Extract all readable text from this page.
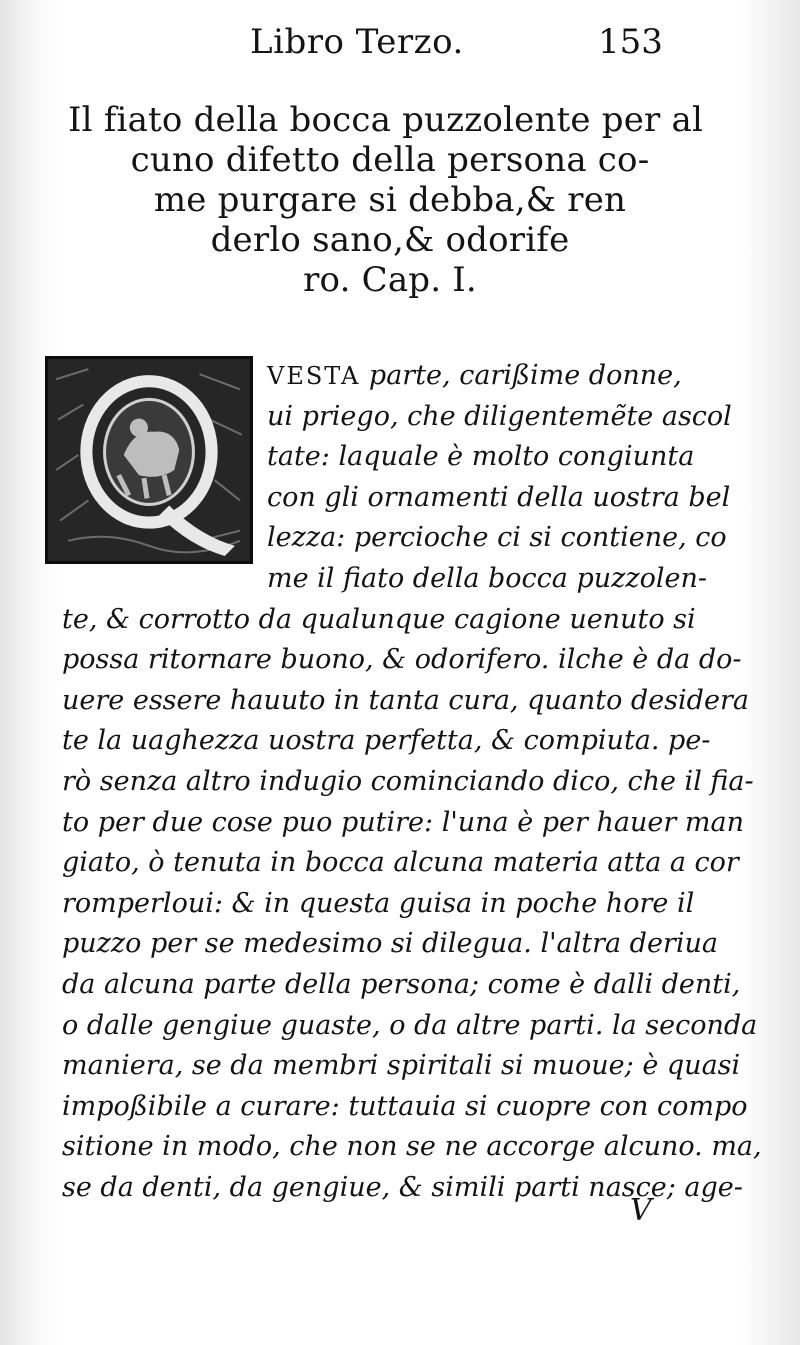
Libro Terzo.	153
Il fiato della bocca puzzolente per al
cuno difetto della persona co-
me purgare si debba,& ren
derlo sano,& odorife
ro. Cap. I.
VESTA parte, carißime donne,
ui priego, che diligentemẽte ascol
tate: laquale è molto congiunta
con gli ornamenti della uostra bel
lezza: percioche ci si contiene, co
me il fiato della bocca puzzolen-
te, & corrotto da qualunque cagione uenuto si
possa ritornare buono, & odorifero. ilche è da do-
uere essere hauuto in tanta cura, quanto desidera
te la uaghezza uostra perfetta, & compiuta. pe-
rò senza altro indugio cominciando dico, che il fia-
to per due cose puo putire: l'una è per hauer man
giato, ò tenuta in bocca alcuna materia atta a cor
romperloui: & in questa guisa in poche hore il
puzzo per se medesimo si dilegua. l'altra deriua
da alcuna parte della persona; come è dalli denti,
o dalle gengiue guaste, o da altre parti. la seconda
maniera, se da membri spiritali si muoue; è quasi
impoßibile a curare: tuttauia si cuopre con compo
sitione in modo, che non se ne accorge alcuno. ma,
se da denti, da gengiue, & simili parti nasce; age-
V
